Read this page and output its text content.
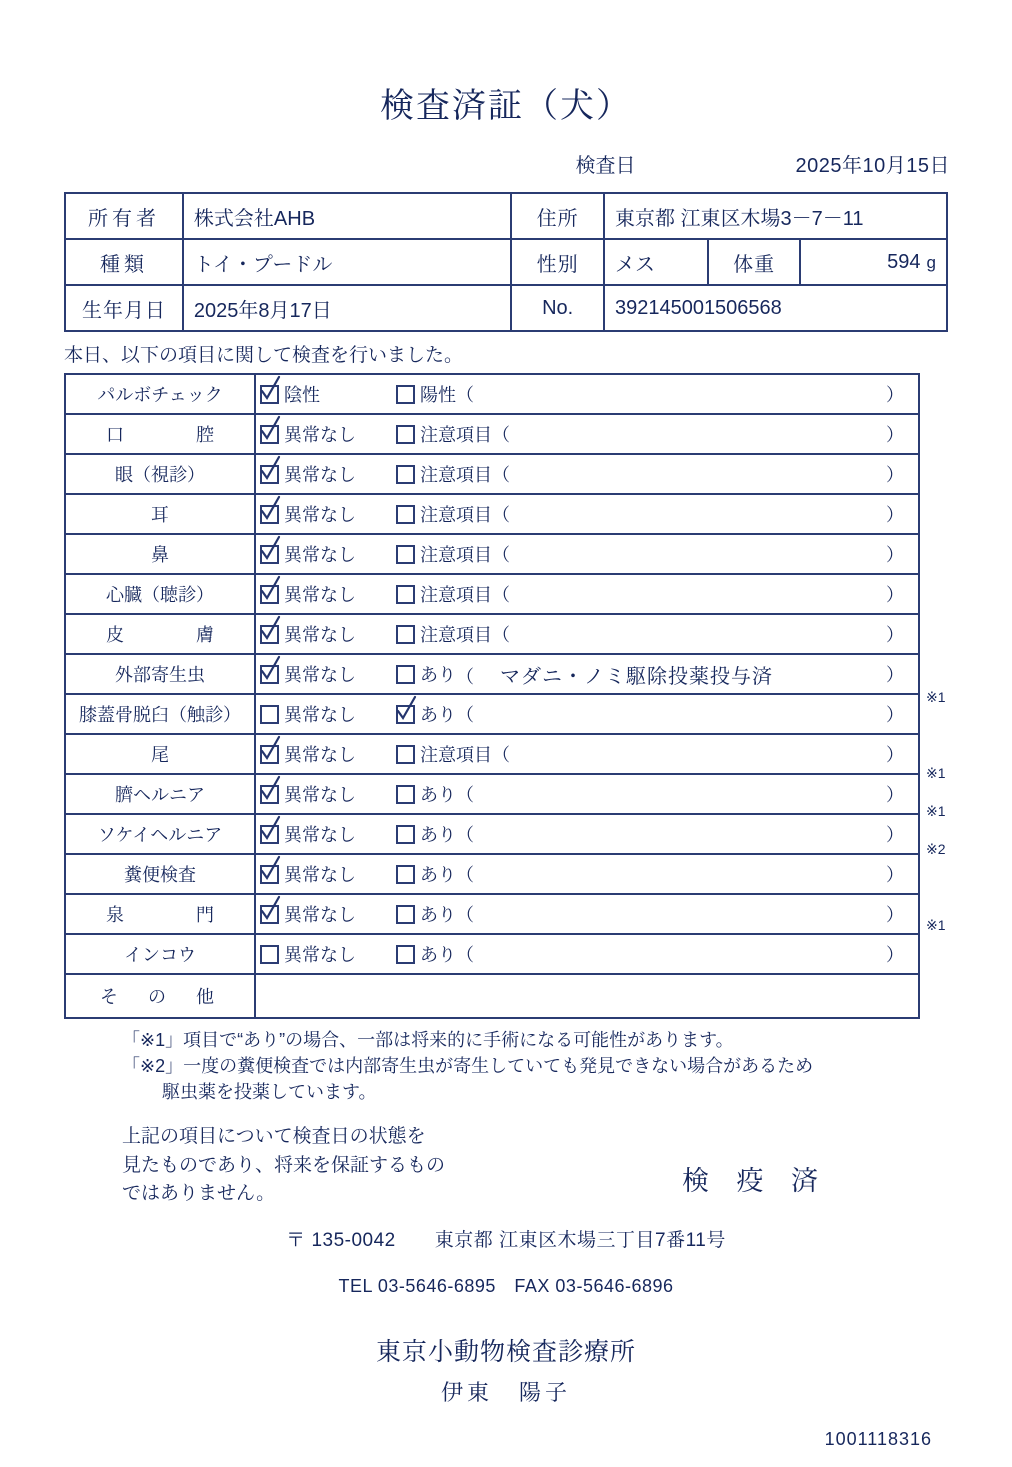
検査済証（犬）
検査日	2025年10月15日
所有者	株式会社AHB	住所	東京都 江東区木場3－7－11		
種類	トイ・プードル	性別	メス	体重	594 g
生年月日	2025年8月17日	No.	392145001506568		
本日、以下の項目に関して検査を行いました。
パルボチェック	陰性 陽性 （ ）

口　　　　腔	異常なし 注意項目 （ ）

眼（視診）	異常なし 注意項目 （ ）

耳	異常なし 注意項目 （ ）

鼻	異常なし 注意項目 （ ）

心臓（聴診）	異常なし 注意項目 （ ）

皮　　　　膚	異常なし 注意項目 （ ）

外部寄生虫	異常なし あり （ マダニ・ノミ駆除投薬投与済 ）

膝蓋骨脱臼（触診）	異常なし あり （ ）

尾	異常なし 注意項目 （ ）

臍ヘルニア	異常なし あり （ ）

ソケイヘルニア	異常なし あり （ ）

糞便検査	異常なし あり （ ）

泉　　　　門	異常なし あり （ ）

インコウ	異常なし あり （ ）

そ　の　他	
※1
※1
※1
※2
※1
「※1」項目で“あり”の場合、一部は将来的に手術になる可能性があります。
「※2」一度の糞便検査では内部寄生虫が寄生していても発見できない場合があるため
駆虫薬を投薬しています。
上記の項目について検査日の状態を
見たものであり、将来を保証するもの
ではありません。	検 疫 済
〒 135-0042　　東京都 江東区木場三丁目7番11号
TEL 03-5646-6895　FAX 03-5646-6896
東京小動物検査診療所
伊東　陽子
1001118316
